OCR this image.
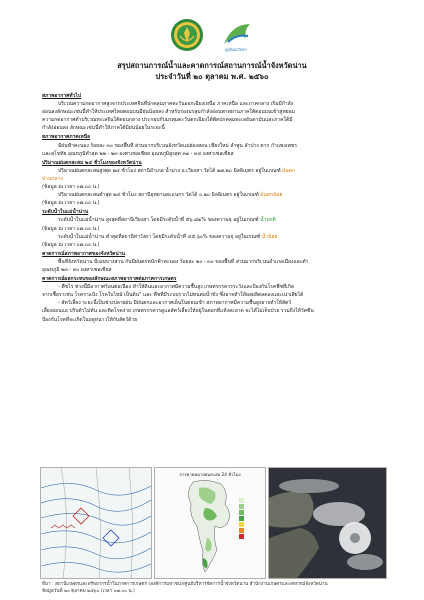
อุตุนิยมวิทยา
สรุปสถานการณ์น้ำและคาดการณ์สถานการณ์น้ำจังหวัดน่าน
ประจำวันที่ ๒๐ ตุลาคม พ.ศ. ๒๕๖๐

สภาพอากาศทั่วไป

บริเวณความกดอากาศสูงจากประเทศจีนที่ปกคลุมภาคตะวันออกเฉียงเหนือ ภาคเหนือ และภาคกลาง เริ่มมีกำลัง

อ่อนลงลักษณะเช่นนี้ทำให้ประเทศไทยตอนบนมีฝนน้อยลง สำหรับร่องมรสุมกำลังอ่อนพาดผ่านภาคใต้ตอนบนเข้าสู่หย่อม

ความกดอากาศต่ำบริเวณทะเลจีนใต้ตอนกลาง ประกอบกับมรสุมตะวันตกเฉียงใต้พัดปกคลุมทะเลอันดามันและภาคใต้มี

กำลังอ่อนลง ลักษณะเช่นนี้ทำให้ภาคใต้มีฝนน้อยในระยะนี้

สภาพอากาศภาคเหนือ

มีฝนฟ้าคะนอง ร้อยละ ๓๐ ของพื้นที่ ส่วนมากบริเวณจังหวัดแม่ฮ่องสอน เชียงใหม่ ลำพูน ลำปาง ตาก กำแพงเพชร

และสุโขทัย อุณหภูมิต่ำสุด ๒๒ - ๒๓ องศาเซลเซียส อุณหภูมิสูงสุด ๓๑ - ๓๔ องศาเซลเซียส

ปริมาณฝนตกสะสม ๒๔ ชั่วโมงของจังหวัดน่าน

ปริมาณฝนตกสะสมสูงสุด ๒๔ ชั่วโมง สถานีอำเภอ น้ำม่วง อ.เวียงสา วัดได้ ๑๗.๒๐ มิลลิเมตร อยู่ในเกณฑ์ ฝนตก

ปานกลาง

(ข้อมูล ณ เวลา ๐๗.๐๐ น.)

ปริมาณฝนตกสะสมต่ำสุด ๒๔ ชั่วโมง สถานีอุทยานสะแนกร วัดได้ ๐.๒๐ มิลลิเมตร อยู่ในเกณฑ์ ฝนตกน้อย

(ข้อมูล ณ เวลา ๐๗.๐๐ น.)

ระดับน้ำในแม่น้ำน่าน

ระดับน้ำในแม่น้ำน่าน สูงสุดที่สถานีเวียงสา โดยมีระดับน้ำที่ ๕๖.๘๑% ของความจุ อยู่ในเกณฑ์ น้ำปกติ

(ข้อมูล ณ เวลา ๐๗.๐๐ น.)

ระดับน้ำในแม่น้ำน่าน ต่ำสุดที่สถานีท่าวังผา โดยมีระดับน้ำที่ ๔๕.๖๐% ของความจุ อยู่ในเกณฑ์ น้ำน้อย

(ข้อมูล ณ เวลา ๐๗.๐๐ น.)

คาดการณ์สภาพอากาศของจังหวัดน่าน

พื้นที่จังหวัดน่าน มีเมฆบางส่วน กับมีฝนตกหนักฟ้าคะนอง ร้อยละ ๒๐ - ๓๐ ของพื้นที่ ส่วนมากบริเวณอำเภอเมืองและตำ

อุณหภูมิ ๒๓ - ๓๐ องศาเซลเซียส

คาดการณ์ผลกระทบของลักษณะสภาพอากาศต่อภาคการเกษตร

- พืชไร่ ช่วงนี้มีอากาศร้อนต่อเนื่อง ทำให้ดินและอากาศมีความชื้นสูง เกษตรกรควรระวังและป้องกันโรคพืชที่เกิด

จากเชื้อราเช่น โรคราแป้ง โรคใบไหม้ เป็นต้น" และ พืชที่มีระบบรากไม่ทนต่อน้ำขัง ซึ่งอาจทำให้ผลผลิตลดลงและเน่าเสียได้

- สัตว์เลี้ยง ระยะนี้เป็นช่วงปลายฝน มีฝนตกและอากาศเย็นในตอนเช้า สภาพอากาศมีความชื้นสูงอาจทำให้สัตว์

เลี้ยงอ่อนแอ ปรับตัวไม่ทัน และติดโรคง่าย เกษตรกรควรดูแลสัตว์เลี้ยงให้อยู่ในคอกที่แห้งสะอาด จะได้ไม่เจ็บป่วย รวมถึงให้วัคซีน

ป้องกันโรคที่จะเกิดในฤดูหนาวให้กับสัตว์ด้วย

การคาดหมายฝนสะสม 24 ชั่วโมง

ที่มา : สถานีเกษตรและทรัพยากรน้ำในภาคการเกษตร (องค์การมหาชน)/ศูนย์บริหารจัดการน้ำจังหวัดน่าน สำนักงานเกษตรและสหกรณ์จังหวัดน่าน

ข้อมูลวันที่ ๒๐ ตุลาคม ๒๕๖๐ (เวลา ๐๗.๐๐ น.)
